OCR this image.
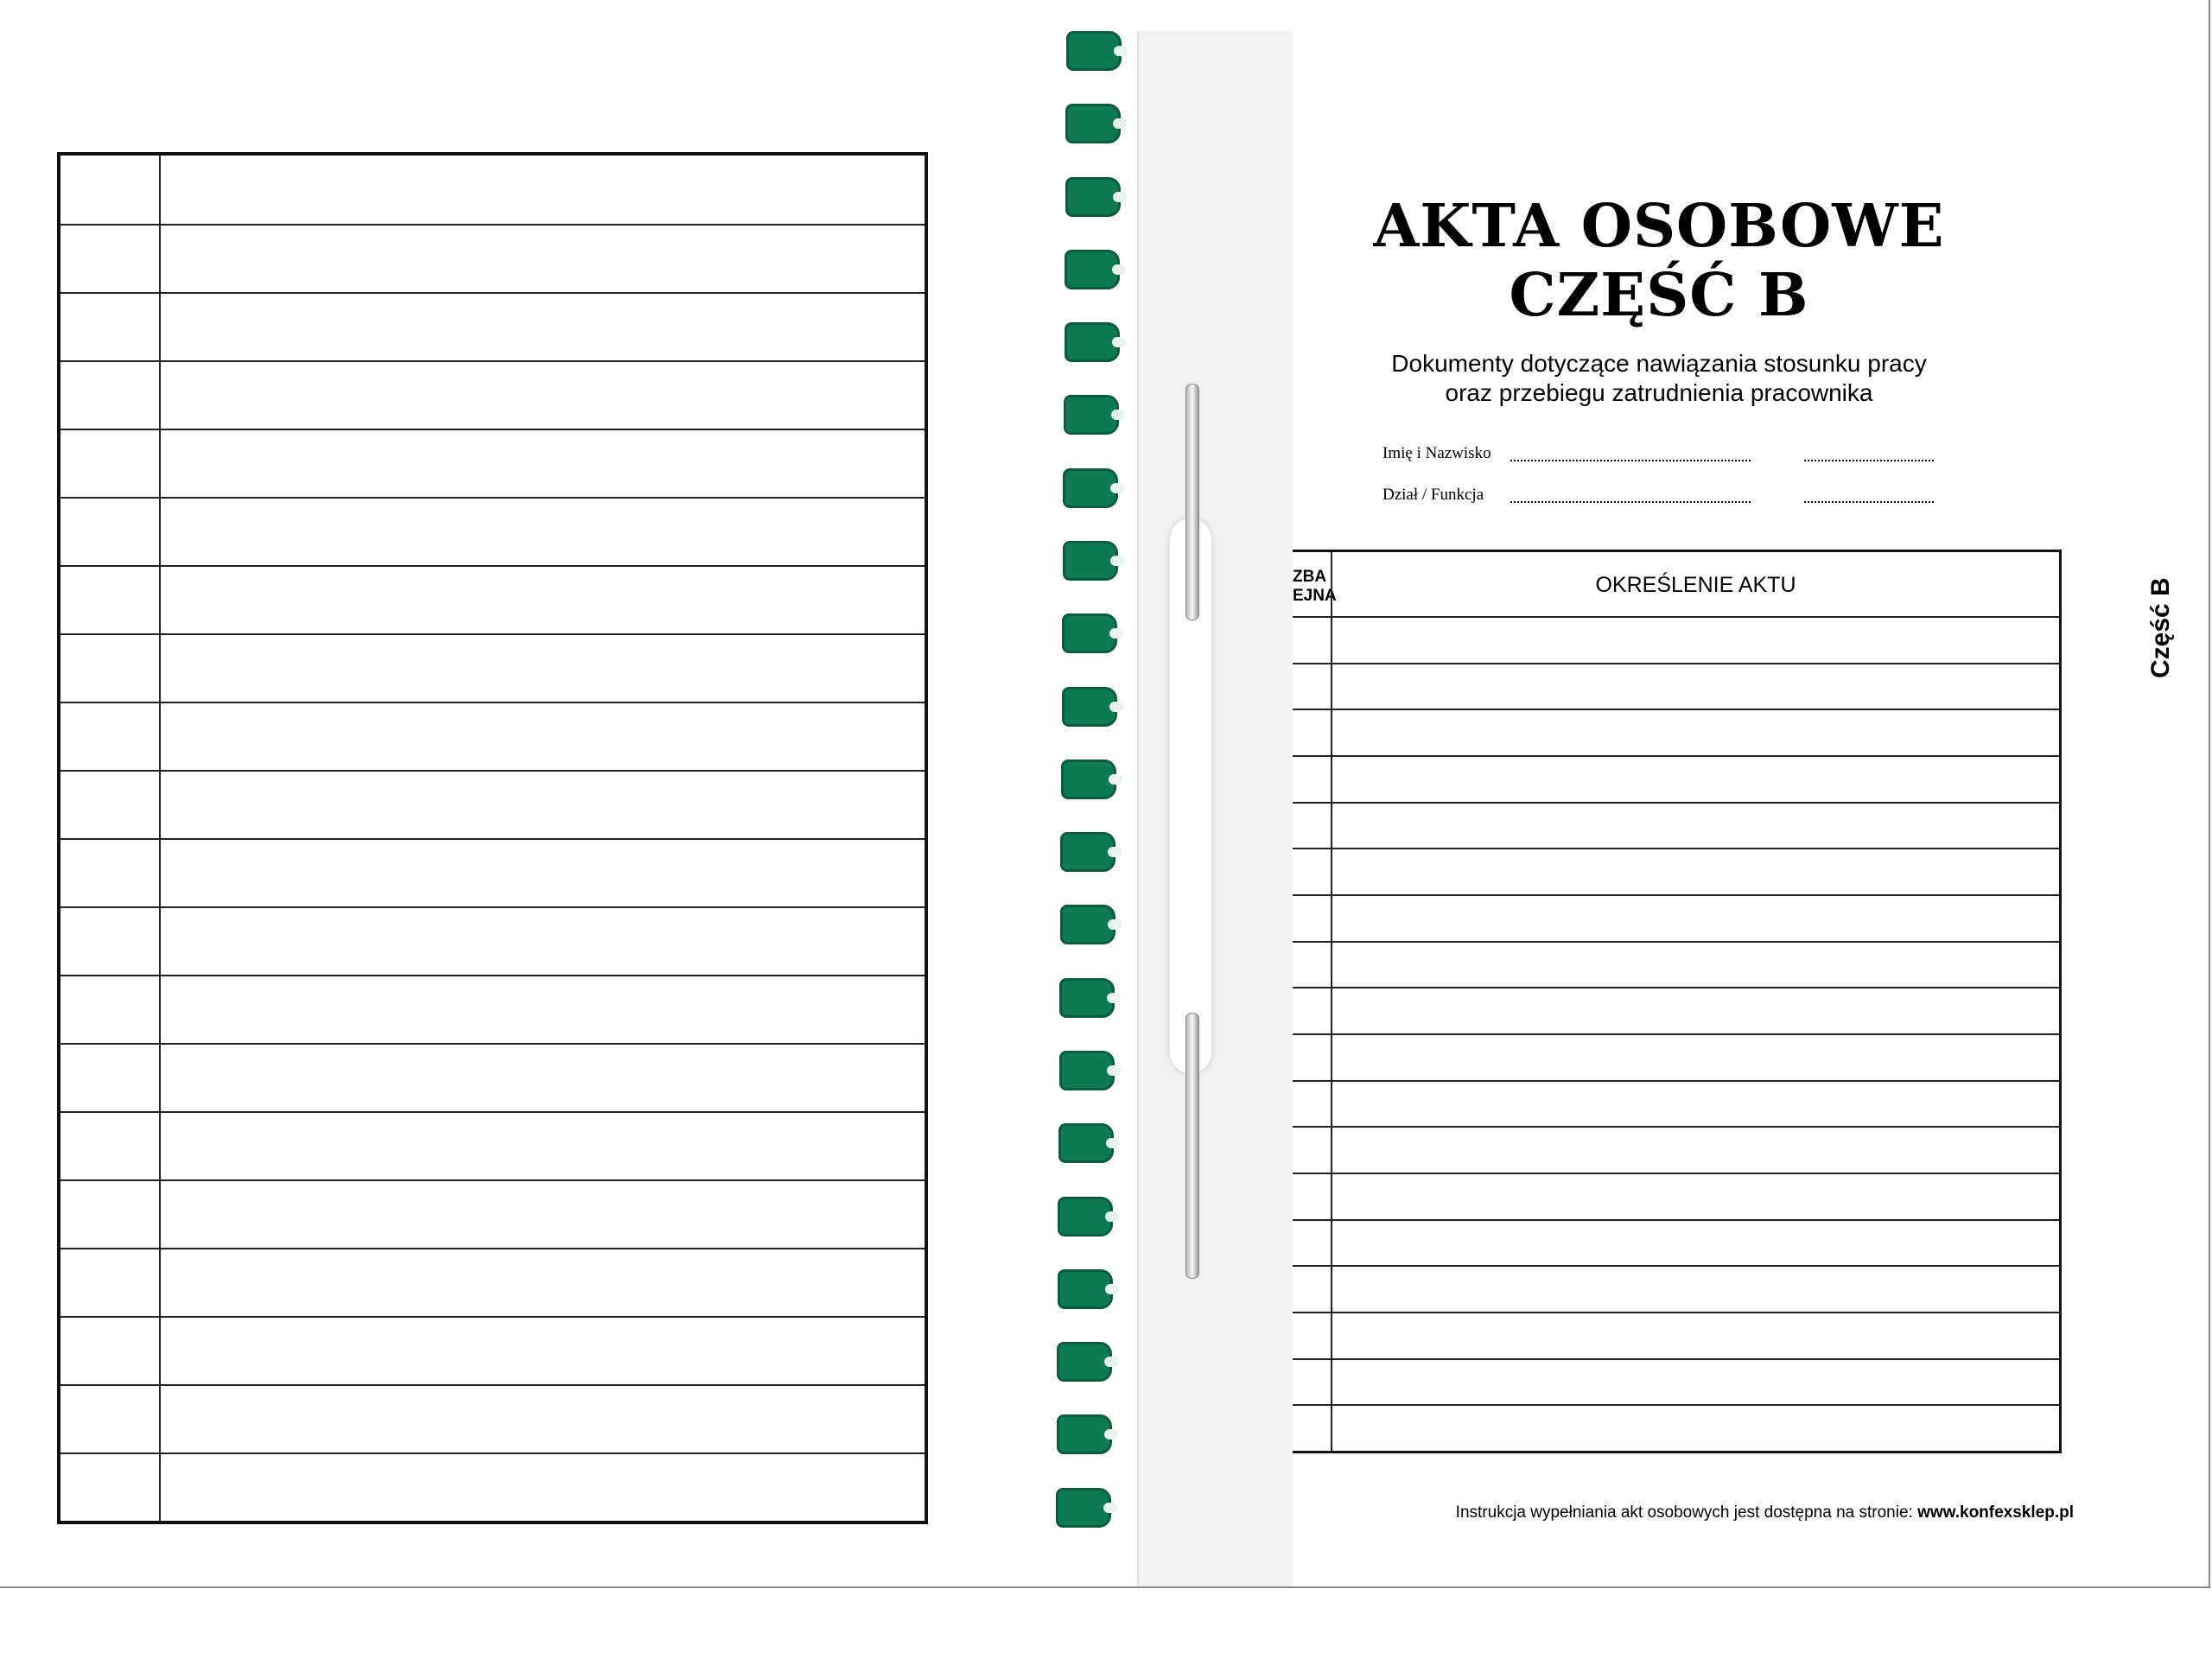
AKTA OSOBOWE
CZĘŚĆ B
Dokumenty dotyczące nawiązania stosunku pracy
oraz przebiegu zatrudnienia pracownika
Imię i Nazwisko
Dział / Funkcja
ZBA
EJNA	OKREŚLENIE AKTU	Część B
Instrukcja wypełniania akt osobowych jest dostępna na stronie: www.konfexsklep.pl
